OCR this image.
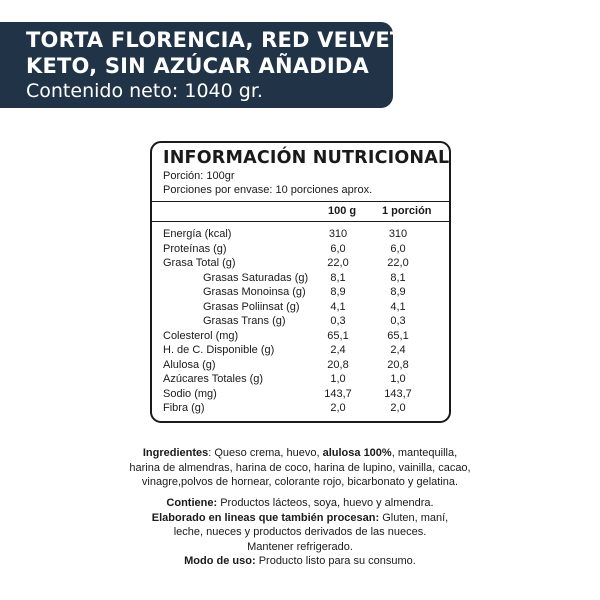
TORTA FLORENCIA, RED VELVET,
KETO, SIN AZÚCAR AÑADIDA
Contenido neto: 1040 gr.
INFORMACIÓN NUTRICIONAL
Porción: 100gr
Porciones por envase: 10 porciones aprox.
100 g 1 porción
Energía (kcal)	310	310
Proteínas (g)	6,0	6,0
Grasa Total (g)	22,0	22,0
Grasas Saturadas (g)	8,1	8,1
Grasas Monoinsa (g)	8,9	8,9
Grasas Poliinsat (g)	4,1	4,1
Grasas Trans (g)	0,3	0,3
Colesterol (mg)	65,1	65,1
H. de C. Disponible (g)	2,4	2,4
Alulosa (g)	20,8	20,8
Azúcares Totales (g)	1,0	1,0
Sodio (mg)	143,7	143,7
Fibra (g)	2,0	2,0
Ingredientes: Queso crema, huevo, alulosa 100%, mantequilla,
harina de almendras, harina de coco, harina de lupino, vainilla, cacao,
vinagre,polvos de hornear, colorante rojo, bicarbonato y gelatina.
Contiene: Productos lácteos, soya, huevo y almendra.
Elaborado en lineas que también procesan: Gluten, maní,
leche, nueces y productos derivados de las nueces.
Mantener refrigerado.
Modo de uso: Producto listo para su consumo.
